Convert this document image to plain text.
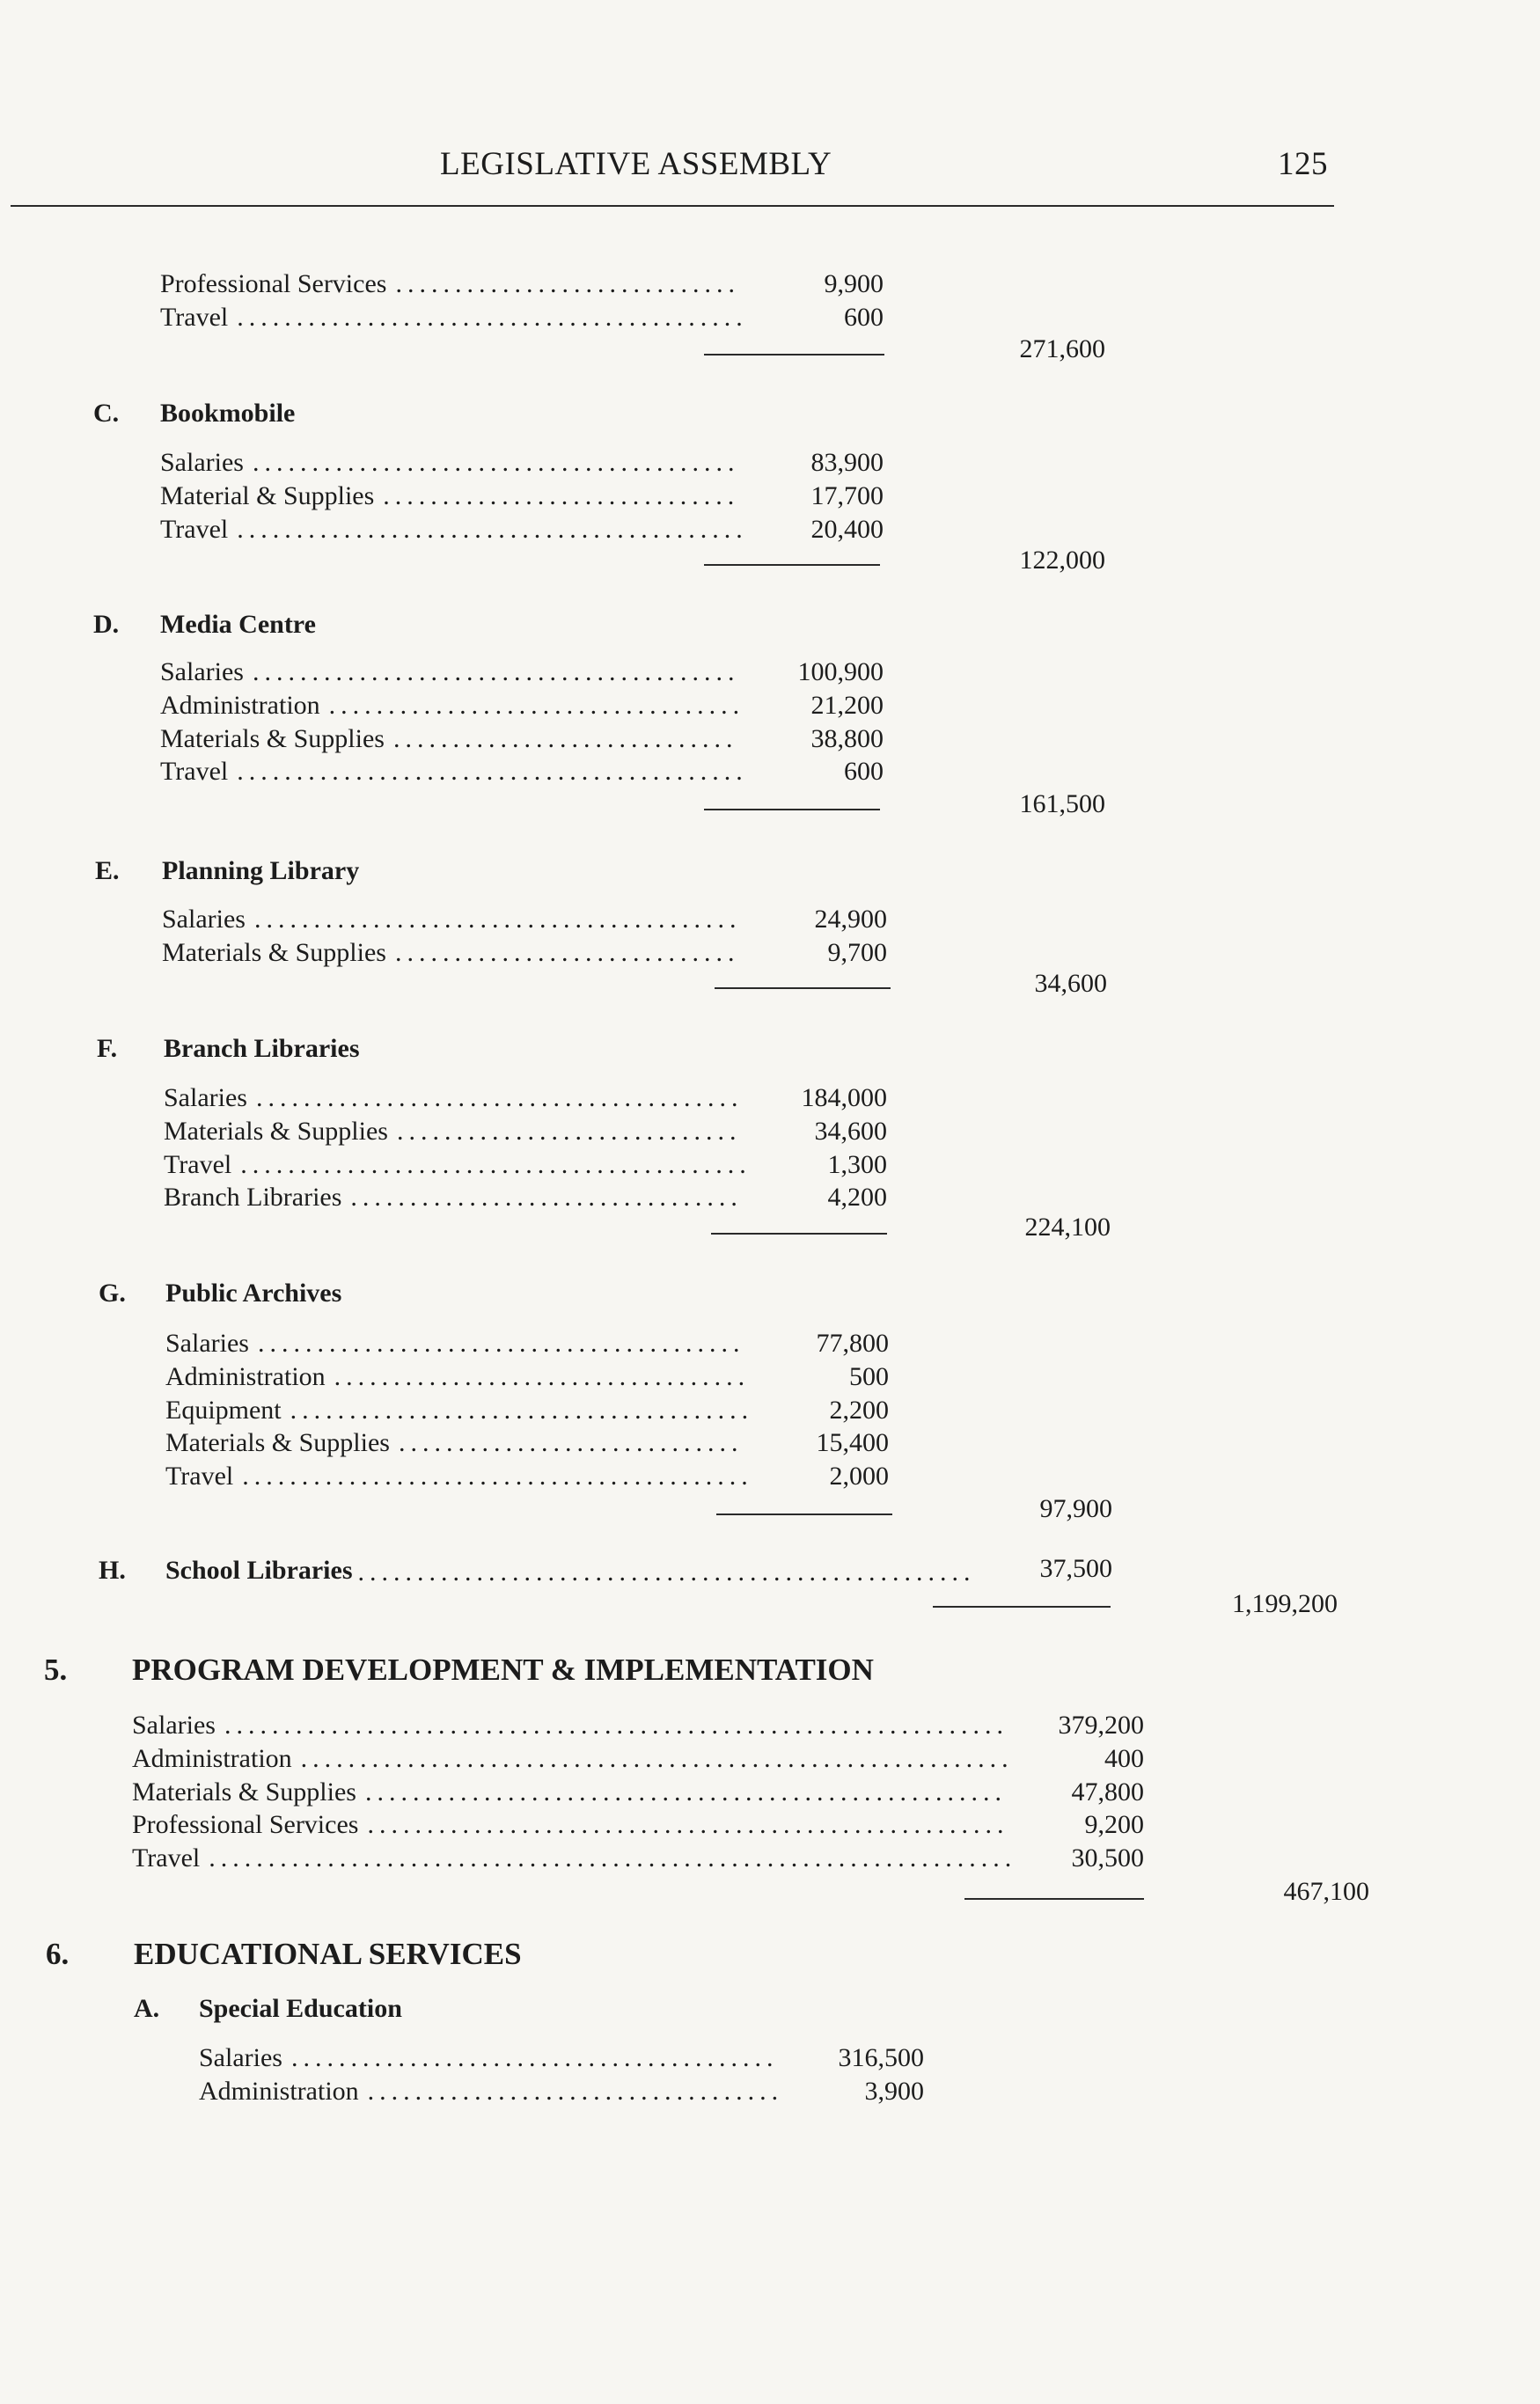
LEGISLATIVE ASSEMBLY	125
Professional Services .............................	9,900
Travel ...........................................	600
271,600
C. Bookmobile
Salaries .........................................	83,900
Material & Supplies ..............................	17,700
Travel ........................................... 20,400
122,000
D. Media Centre
Salaries ......................................... 100,900
Administration ...................................	21,200
Materials & Supplies .............................	38,800
Travel ...........................................	600
161,500
E. Planning Library
Salaries .........................................	24,900
Materials & Supplies .............................	9,700
34,600
F. Branch Libraries
Salaries ......................................... 184,000
Materials & Supplies .............................	34,600
Travel ...........................................	1,300
Branch Libraries .................................	4,200
224,100
G. Public Archives
Salaries .........................................	77,800
Administration ...................................	500
Equipment .......................................	2,200
Materials & Supplies .............................	15,400
Travel ...........................................	2,000
97,900
H. School Libraries .................................................... 37,500
1,199,200
5. PROGRAM DEVELOPMENT & IMPLEMENTATION
Salaries .................................................................. 379,200
Administration ............................................................	400
Materials & Supplies ...................................................... 47,800
Professional Services ......................................................	9,200
Travel .................................................................... 30,500
467,100
6. EDUCATIONAL SERVICES
A. Special Education
Salaries ......................................... 316,500
Administration ...................................	3,900
